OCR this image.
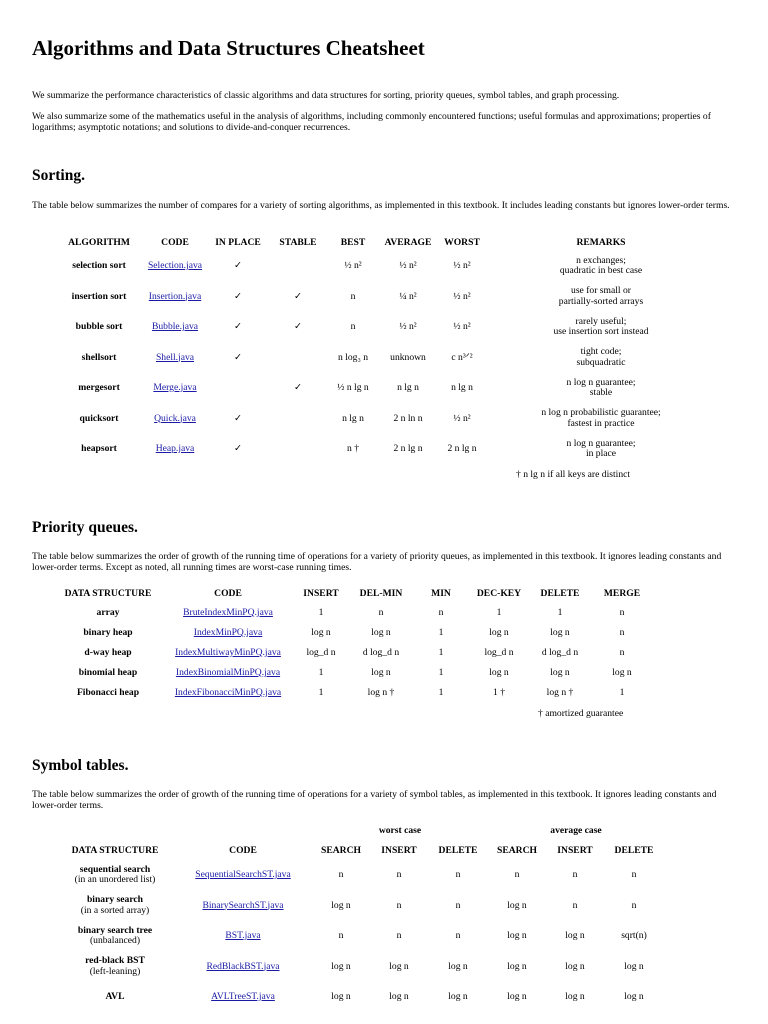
Algorithms and Data Structures Cheatsheet

We summarize the performance characteristics of classic algorithms and data structures for sorting, priority queues, symbol tables, and graph processing.

We also summarize some of the mathematics useful in the analysis of algorithms, including commonly encountered functions; useful formulas and approximations; properties of logarithms; asymptotic notations; and solutions to divide-and-conquer recurrences.

Sorting.

The table below summarizes the number of compares for a variety of sorting algorithms, as implemented in this textbook. It includes leading constants but ignores lower-order terms.

ALGORITHM	CODE	IN PLACE	STABLE	BEST	AVERAGE	WORST	REMARKS
selection sort	Selection.java	✓		½ n²	½ n²	½ n²	n exchanges;
quadratic in best case

insertion sort	Insertion.java	✓	✓	n	¼ n²	½ n²	use for small or
partially-sorted arrays

bubble sort	Bubble.java	✓	✓	n	½ n²	½ n²	rarely useful;
use insertion sort instead

shellsort	Shell.java	✓		n log₃ n	unknown	c n³ᐟ²	tight code;
subquadratic

mergesort	Merge.java		✓	½ n lg n	n lg n	n lg n	n log n guarantee;
stable

quicksort	Quick.java	✓		n lg n	2 n ln n	½ n²	n log n probabilistic guarantee;
fastest in practice

heapsort	Heap.java	✓		n †	2 n lg n	2 n lg n	n log n guarantee;
in place
† n lg n if all keys are distinct
Priority queues.

The table below summarizes the order of growth of the running time of operations for a variety of priority queues, as implemented in this textbook. It ignores leading constants and lower-order terms. Except as noted, all running times are worst-case running times.

DATA STRUCTURE	CODE	INSERT	DEL-MIN	MIN	DEC-KEY	DELETE	MERGE
array	BruteIndexMinPQ.java	1	n	n	1	1	n
binary heap	IndexMinPQ.java	log n	log n	1	log n	log n	n
d-way heap	IndexMultiwayMinPQ.java	log_d n	d log_d n	1	log_d n	d log_d n	n
binomial heap	IndexBinomialMinPQ.java	1	log n	1	log n	log n	log n
Fibonacci heap	IndexFibonacciMinPQ.java	1	log n †	1	1 †	log n †	1
† amortized guarantee
Symbol tables.

The table below summarizes the order of growth of the running time of operations for a variety of symbol tables, as implemented in this textbook. It ignores leading constants and lower-order terms.

worst case	average case
DATA STRUCTURE	CODE	SEARCH	INSERT	DELETE	SEARCH	INSERT	DELETE

sequential search
(in an unordered list)	SequentialSearchST.java	n	n	n	n	n	n

binary search
(in a sorted array)	BinarySearchST.java	log n	n	n	log n	n	n

binary search tree
(unbalanced)	BST.java	n	n	n	log n	log n	sqrt(n)

red-black BST
(left-leaning)	RedBlackBST.java	log n	log n	log n	log n	log n	log n

AVL	AVLTreeST.java	log n	log n	log n	log n	log n	log n
